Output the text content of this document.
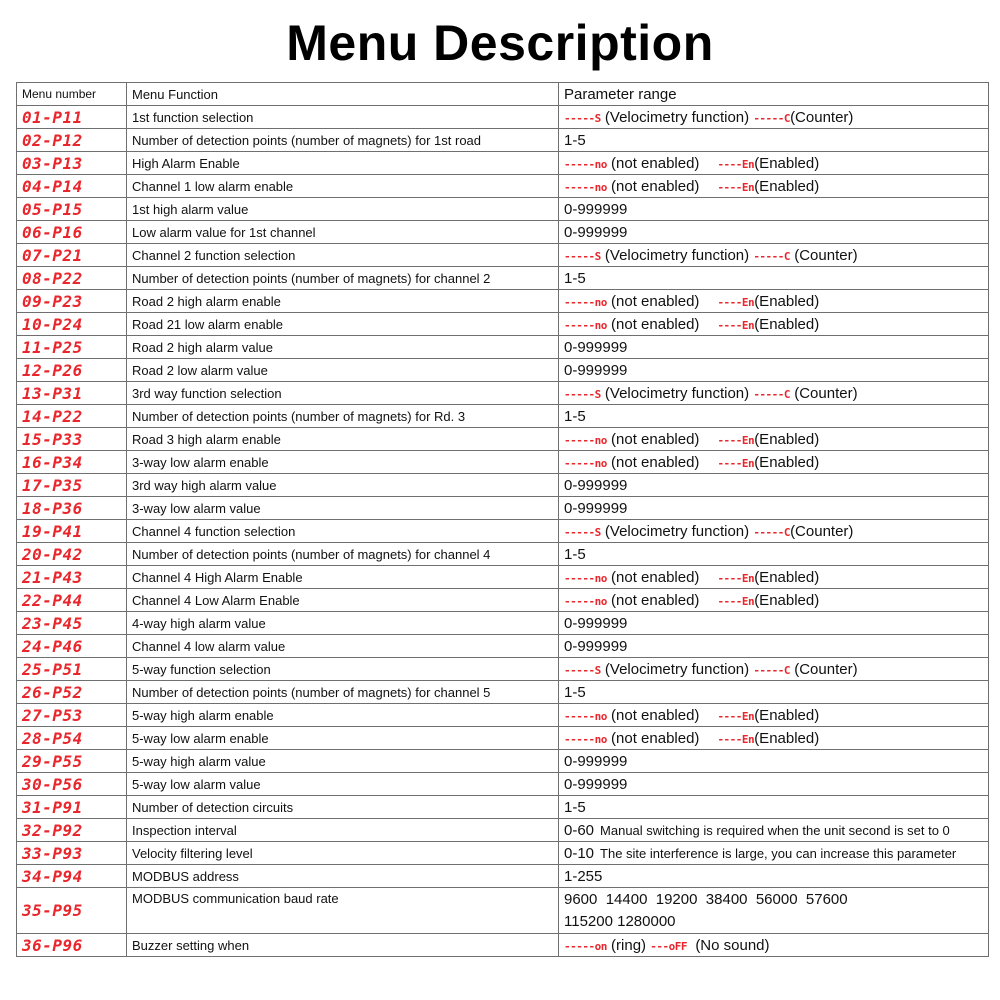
Menu Description
Menu number	Menu Function	Parameter range
01-P11	1st function selection	-----S (Velocimetry function) -----C(Counter)
02-P12	Number of detection points (number of magnets) for 1st road	1-5
03-P13	High Alarm Enable	-----no (not enabled) ----En(Enabled)
04-P14	Channel 1 low alarm enable	-----no (not enabled) ----En(Enabled)
05-P15	1st high alarm value	0-999999
06-P16	Low alarm value for 1st channel	0-999999
07-P21	Channel 2 function selection	-----S (Velocimetry function) -----C (Counter)
08-P22	Number of detection points (number of magnets) for channel 2	1-5
09-P23	Road 2 high alarm enable	-----no (not enabled) ----En(Enabled)
10-P24	Road 21 low alarm enable	-----no (not enabled) ----En(Enabled)
11-P25	Road 2 high alarm value	0-999999
12-P26	Road 2 low alarm value	0-999999
13-P31	3rd way function selection	-----S (Velocimetry function) -----C (Counter)
14-P22	Number of detection points (number of magnets) for Rd. 3	1-5
15-P33	Road 3 high alarm enable	-----no (not enabled) ----En(Enabled)
16-P34	3-way low alarm enable	-----no (not enabled) ----En(Enabled)
17-P35	3rd way high alarm value	0-999999
18-P36	3-way low alarm value	0-999999
19-P41	Channel 4 function selection	-----S (Velocimetry function) -----C(Counter)
20-P42	Number of detection points (number of magnets) for channel 4	1-5
21-P43	Channel 4 High Alarm Enable	-----no (not enabled) ----En(Enabled)
22-P44	Channel 4 Low Alarm Enable	-----no (not enabled) ----En(Enabled)
23-P45	4-way high alarm value	0-999999
24-P46	Channel 4 low alarm value	0-999999
25-P51	5-way function selection	-----S (Velocimetry function) -----C (Counter)
26-P52	Number of detection points (number of magnets) for channel 5	1-5
27-P53	5-way high alarm enable	-----no (not enabled) ----En(Enabled)
28-P54	5-way low alarm enable	-----no (not enabled) ----En(Enabled)
29-P55	5-way high alarm value	0-999999
30-P56	5-way low alarm value	0-999999
31-P91	Number of detection circuits	1-5
32-P92	Inspection interval	0-60 Manual switching is required when the unit second is set to 0
33-P93	Velocity filtering level	0-10 The site interference is large, you can increase this parameter
34-P94	MODBUS address	1-255
35-P95	MODBUS communication baud rate	9600  14400  19200  38400  56000  57600
115200 1280000

36-P96	Buzzer setting when	-----on (ring) ---oFF (No sound)
